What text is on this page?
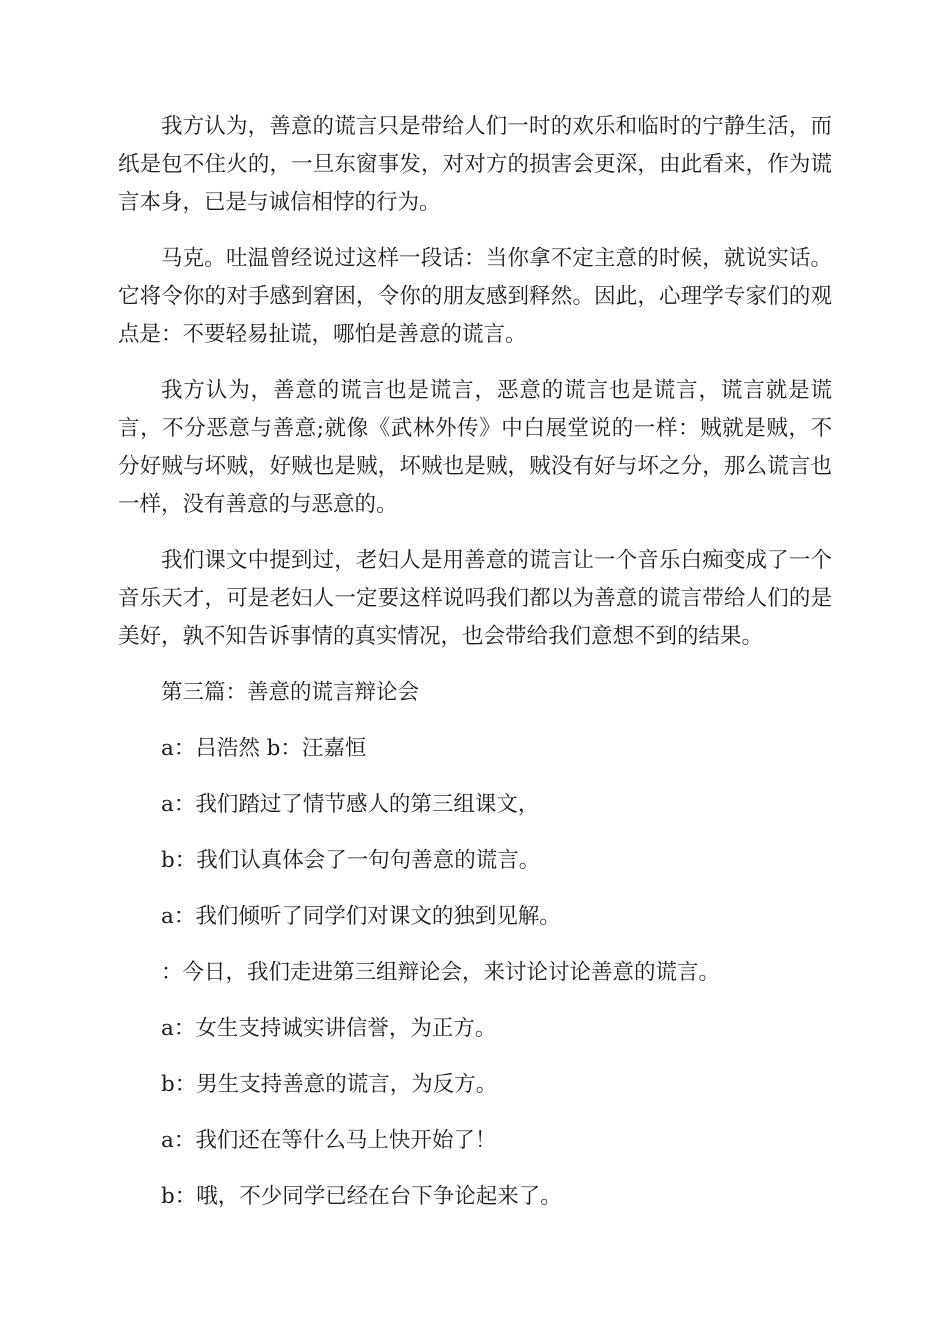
我方认为，善意的谎言只是带给人们一时的欢乐和临时的宁静生活，而纸是包不住火的，一旦东窗事发，对对方的损害会更深，由此看来，作为谎言本身，已是与诚信相悖的行为。

马克。吐温曾经说过这样一段话：当你拿不定主意的时候，就说实话。它将令你的对手感到窘困，令你的朋友感到释然。因此，心理学专家们的观点是：不要轻易扯谎，哪怕是善意的谎言。

我方认为，善意的谎言也是谎言，恶意的谎言也是谎言，谎言就是谎言，不分恶意与善意;就像《武林外传》中白展堂说的一样：贼就是贼，不分好贼与坏贼，好贼也是贼，坏贼也是贼，贼没有好与坏之分，那么谎言也一样，没有善意的与恶意的。

我们课文中提到过，老妇人是用善意的谎言让一个音乐白痴变成了一个音乐天才，可是老妇人一定要这样说吗我们都以为善意的谎言带给人们的是美好，孰不知告诉事情的真实情况，也会带给我们意想不到的结果。

第三篇：善意的谎言辩论会

a：吕浩然 b：汪嘉恒

a：我们踏过了情节感人的第三组课文，

b：我们认真体会了一句句善意的谎言。

a：我们倾听了同学们对课文的独到见解。

：今日，我们走进第三组辩论会，来讨论讨论善意的谎言。

a：女生支持诚实讲信誉，为正方。

b：男生支持善意的谎言，为反方。

a：我们还在等什么马上快开始了！

b：哦，不少同学已经在台下争论起来了。
